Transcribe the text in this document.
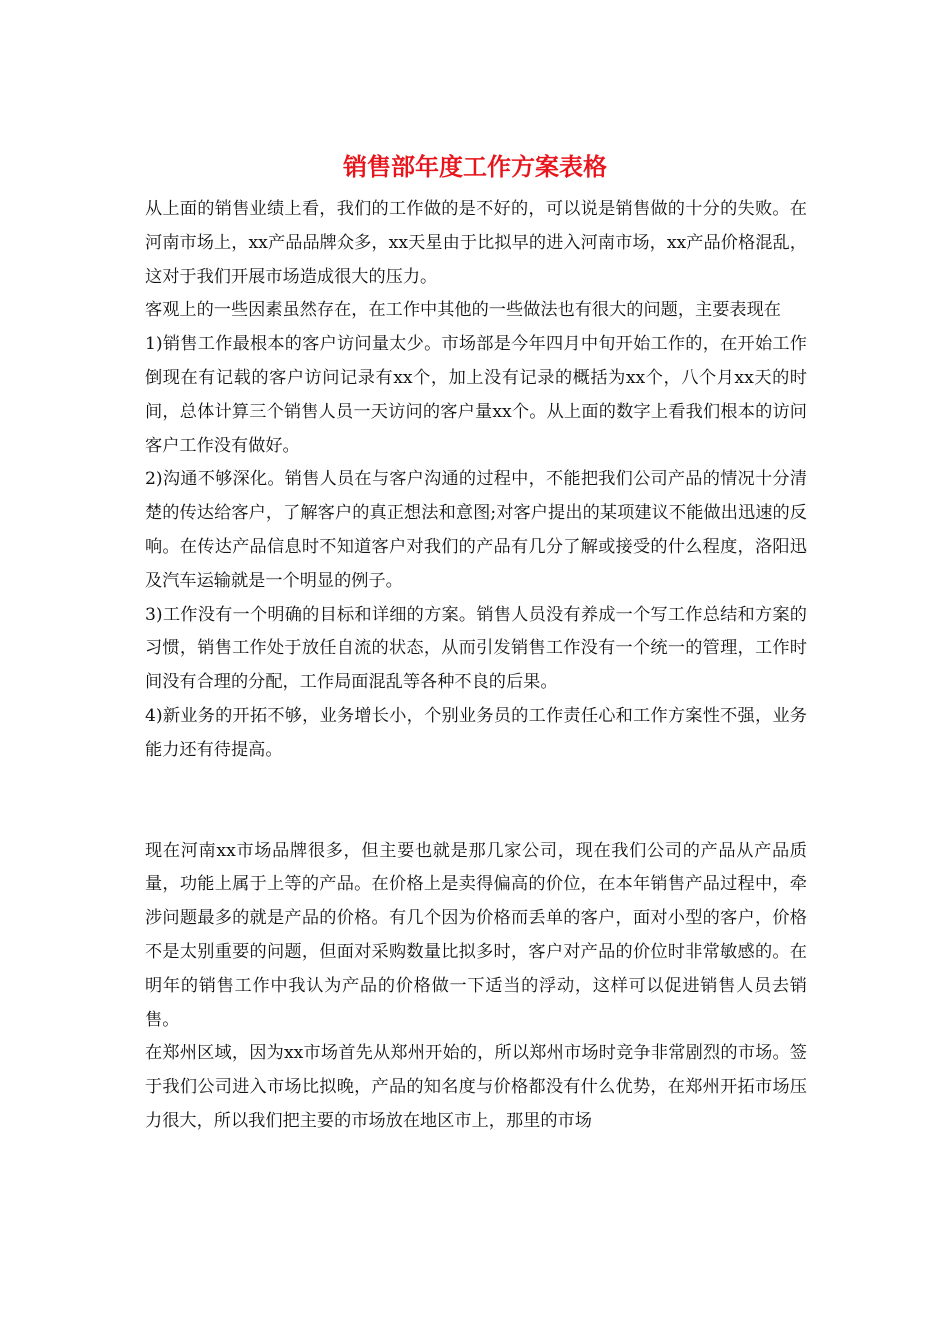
销售部年度工作方案表格

从上面的销售业绩上看，我们的工作做的是不好的，可以说是销售做的十分的失败。在河南市场上，xx产品品牌众多，xx天星由于比拟早的进入河南市场，xx产品价格混乱，这对于我们开展市场造成很大的压力。

客观上的一些因素虽然存在，在工作中其他的一些做法也有很大的问题，主要表现在

1)销售工作最根本的客户访问量太少。市场部是今年四月中旬开始工作的，在开始工作倒现在有记载的客户访问记录有xx个，加上没有记录的概括为xx个，八个月xx天的时间，总体计算三个销售人员一天访问的客户量xx个。从上面的数字上看我们根本的访问客户工作没有做好。

2)沟通不够深化。销售人员在与客户沟通的过程中，不能把我们公司产品的情况十分清楚的传达给客户，了解客户的真正想法和意图;对客户提出的某项建议不能做出迅速的反响。在传达产品信息时不知道客户对我们的产品有几分了解或接受的什么程度，洛阳迅及汽车运输就是一个明显的例子。

3)工作没有一个明确的目标和详细的方案。销售人员没有养成一个写工作总结和方案的习惯，销售工作处于放任自流的状态，从而引发销售工作没有一个统一的管理，工作时间没有合理的分配，工作局面混乱等各种不良的后果。

4)新业务的开拓不够，业务增长小，个别业务员的工作责任心和工作方案性不强，业务能力还有待提高。

现在河南xx市场品牌很多，但主要也就是那几家公司，现在我们公司的产品从产品质量，功能上属于上等的产品。在价格上是卖得偏高的价位，在本年销售产品过程中，牵涉问题最多的就是产品的价格。有几个因为价格而丢单的客户，面对小型的客户，价格不是太别重要的问题，但面对采购数量比拟多时，客户对产品的价位时非常敏感的。在明年的销售工作中我认为产品的价格做一下适当的浮动，这样可以促进销售人员去销售。

在郑州区域，因为xx市场首先从郑州开始的，所以郑州市场时竞争非常剧烈的市场。签于我们公司进入市场比拟晚，产品的知名度与价格都没有什么优势，在郑州开拓市场压力很大，所以我们把主要的市场放在地区市上，那里的市场
